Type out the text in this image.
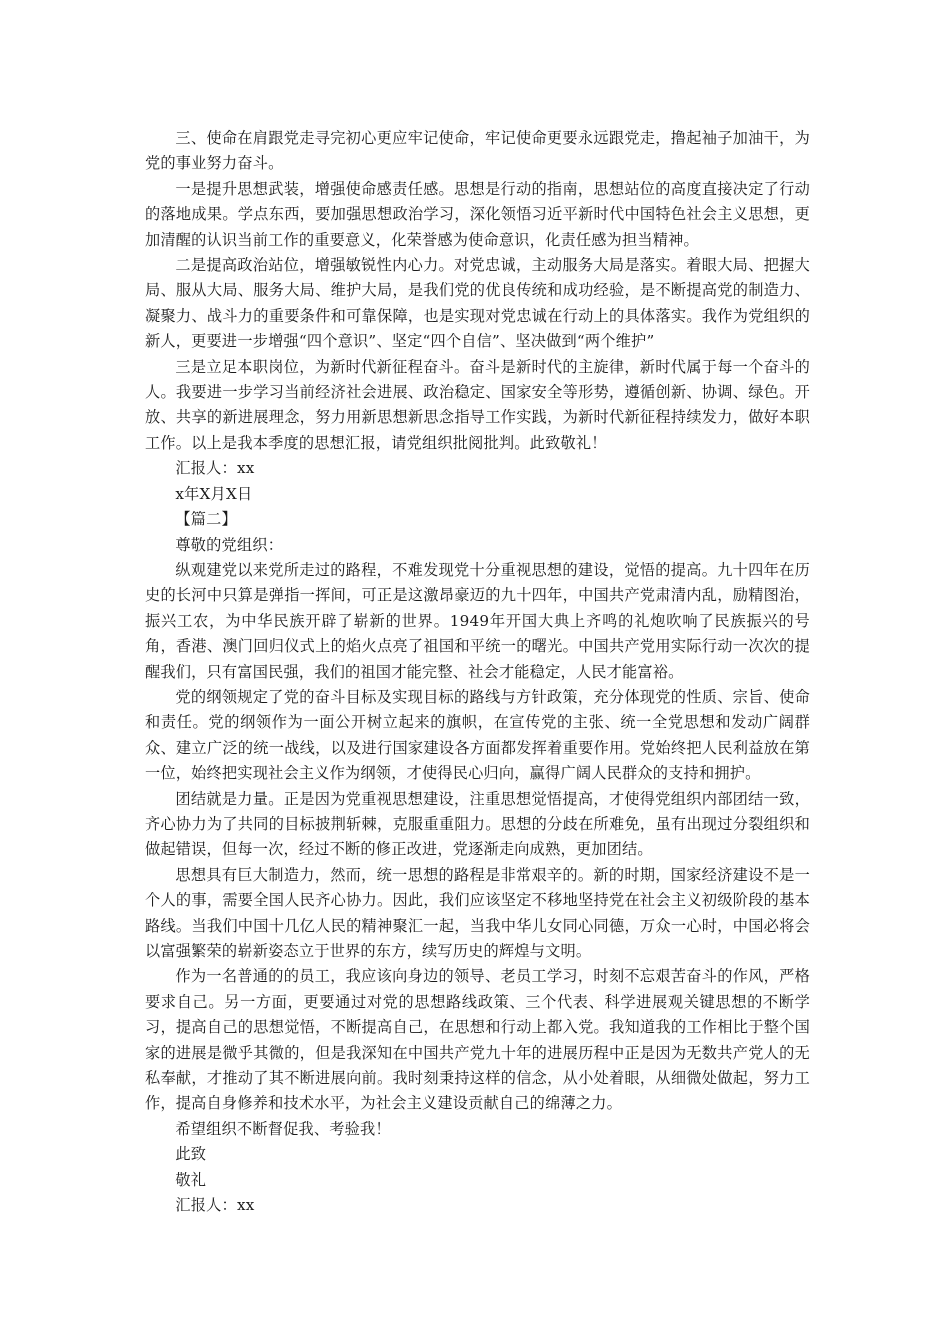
三、使命在肩跟党走寻完初心更应牢记使命，牢记使命更要永远跟党走，撸起袖子加油干，为党的事业努力奋斗。

一是提升思想武装，增强使命感责任感。思想是行动的指南，思想站位的高度直接决定了行动的落地成果。学点东西，要加强思想政治学习，深化领悟习近平新时代中国特色社会主义思想，更加清醒的认识当前工作的重要意义，化荣誉感为使命意识，化责任感为担当精神。

二是提高政治站位，增强敏锐性内心力。对党忠诚，主动服务大局是落实。着眼大局、把握大局、服从大局、服务大局、维护大局，是我们党的优良传统和成功经验，是不断提高党的制造力、凝聚力、战斗力的重要条件和可靠保障，也是实现对党忠诚在行动上的具体落实。我作为党组织的新人，更要进一步增强“四个意识”、坚定“四个自信”、坚决做到“两个维护”

三是立足本职岗位，为新时代新征程奋斗。奋斗是新时代的主旋律，新时代属于每一个奋斗的人。我要进一步学习当前经济社会进展、政治稳定、国家安全等形势，遵循创新、协调、绿色。开放、共享的新进展理念，努力用新思想新思念指导工作实践，为新时代新征程持续发力，做好本职工作。以上是我本季度的思想汇报，请党组织批阅批判。此致敬礼！

汇报人：xx

x年X月X日

【篇二】

尊敬的党组织：

纵观建党以来党所走过的路程，不难发现党十分重视思想的建设，觉悟的提高。九十四年在历史的长河中只算是弹指一挥间，可正是这激昂豪迈的九十四年，中国共产党肃清内乱，励精图治，振兴工农，为中华民族开辟了崭新的世界。1949年开国大典上齐鸣的礼炮吹响了民族振兴的号角，香港、澳门回归仪式上的焰火点亮了祖国和平统一的曙光。中国共产党用实际行动一次次的提醒我们，只有富国民强，我们的祖国才能完整、社会才能稳定，人民才能富裕。

党的纲领规定了党的奋斗目标及实现目标的路线与方针政策，充分体现党的性质、宗旨、使命和责任。党的纲领作为一面公开树立起来的旗帜，在宣传党的主张、统一全党思想和发动广阔群众、建立广泛的统一战线，以及进行国家建设各方面都发挥着重要作用。党始终把人民利益放在第一位，始终把实现社会主义作为纲领，才使得民心归向，赢得广阔人民群众的支持和拥护。

团结就是力量。正是因为党重视思想建设，注重思想觉悟提高，才使得党组织内部团结一致，齐心协力为了共同的目标披荆斩棘，克服重重阻力。思想的分歧在所难免，虽有出现过分裂组织和做起错误，但每一次，经过不断的修正改进，党逐渐走向成熟，更加团结。

思想具有巨大制造力，然而，统一思想的路程是非常艰辛的。新的时期，国家经济建设不是一个人的事，需要全国人民齐心协力。因此，我们应该坚定不移地坚持党在社会主义初级阶段的基本路线。当我们中国十几亿人民的精神聚汇一起，当我中华儿女同心同德，万众一心时，中国必将会以富强繁荣的崭新姿态立于世界的东方，续写历史的辉煌与文明。

作为一名普通的的员工，我应该向身边的领导、老员工学习，时刻不忘艰苦奋斗的作风，严格要求自己。另一方面，更要通过对党的思想路线政策、三个代表、科学进展观关键思想的不断学习，提高自己的思想觉悟，不断提高自己，在思想和行动上都入党。我知道我的工作相比于整个国家的进展是微乎其微的，但是我深知在中国共产党九十年的进展历程中正是因为无数共产党人的无私奉献，才推动了其不断进展向前。我时刻秉持这样的信念，从小处着眼，从细微处做起，努力工作，提高自身修养和技术水平，为社会主义建设贡献自己的绵薄之力。

希望组织不断督促我、考验我！

此致

敬礼

汇报人：xx
